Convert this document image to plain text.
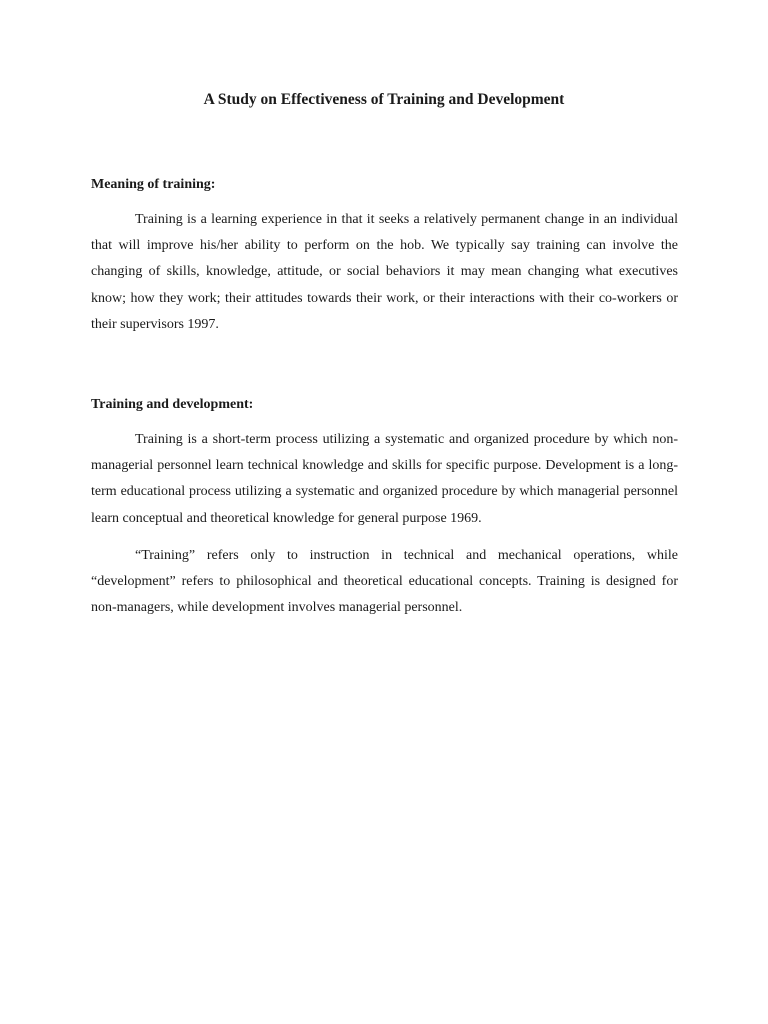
A Study on Effectiveness of Training and Development
Meaning of training:

Training is a learning experience in that it seeks a relatively permanent change in an individual that will improve his/her ability to perform on the hob. We typically say training can involve the changing of skills, knowledge, attitude, or social behaviors it may mean changing what executives know; how they work; their attitudes towards their work, or their interactions with their co-workers or their supervisors 1997.

Training and development:

Training is a short-term process utilizing a systematic and organized procedure by which non-managerial personnel learn technical knowledge and skills for specific purpose. Development is a long-term educational process utilizing a systematic and organized procedure by which managerial personnel learn conceptual and theoretical knowledge for general purpose 1969.

“Training” refers only to instruction in technical and mechanical operations, while “development” refers to philosophical and theoretical educational concepts. Training is designed for non-managers, while development involves managerial personnel.
